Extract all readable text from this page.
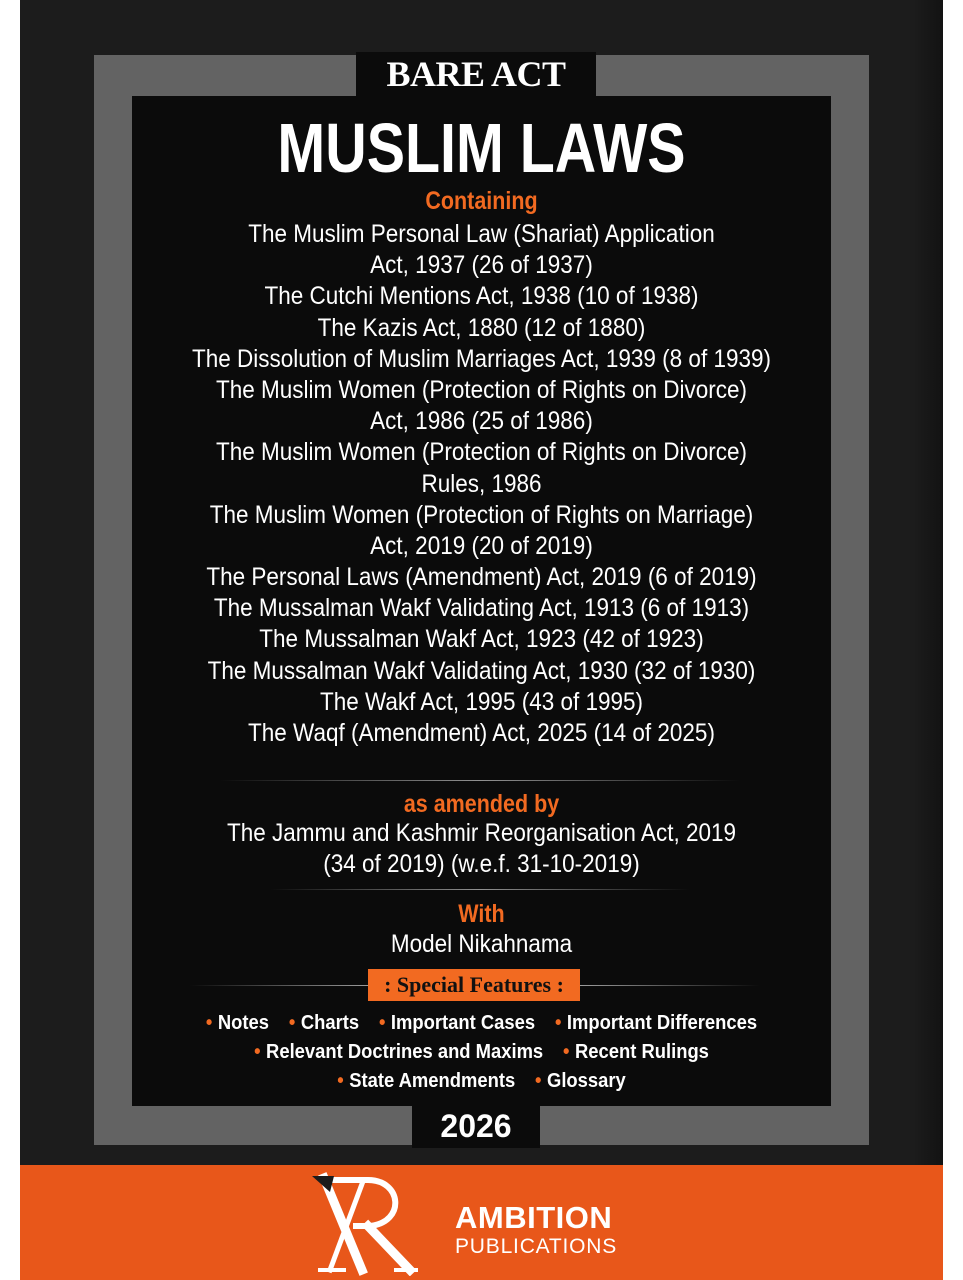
BARE ACT
MUSLIM LAWS
Containing
The Muslim Personal Law (Shariat) Application
Act, 1937 (26 of 1937)
The Cutchi Mentions Act, 1938 (10 of 1938)
The Kazis Act, 1880 (12 of 1880)
The Dissolution of Muslim Marriages Act, 1939 (8 of 1939)
The Muslim Women (Protection of Rights on Divorce)
Act, 1986 (25 of 1986)
The Muslim Women (Protection of Rights on Divorce)
Rules, 1986
The Muslim Women (Protection of Rights on Marriage)
Act, 2019 (20 of 2019)
The Personal Laws (Amendment) Act, 2019 (6 of 2019)
The Mussalman Wakf Validating Act, 1913 (6 of 1913)
The Mussalman Wakf Act, 1923 (42 of 1923)
The Mussalman Wakf Validating Act, 1930 (32 of 1930)
The Wakf Act, 1995 (43 of 1995)
The Waqf (Amendment) Act, 2025 (14 of 2025)
as amended by
The Jammu and Kashmir Reorganisation Act, 2019
(34 of 2019) (w.e.f. 31-10-2019)
With
Model Nikahnama
: Special Features :
• Notes • Charts • Important Cases • Important Differences
• Relevant Doctrines and Maxims • Recent Rulings
• State Amendments • Glossary
2026
AMBITION
PUBLICATIONS
